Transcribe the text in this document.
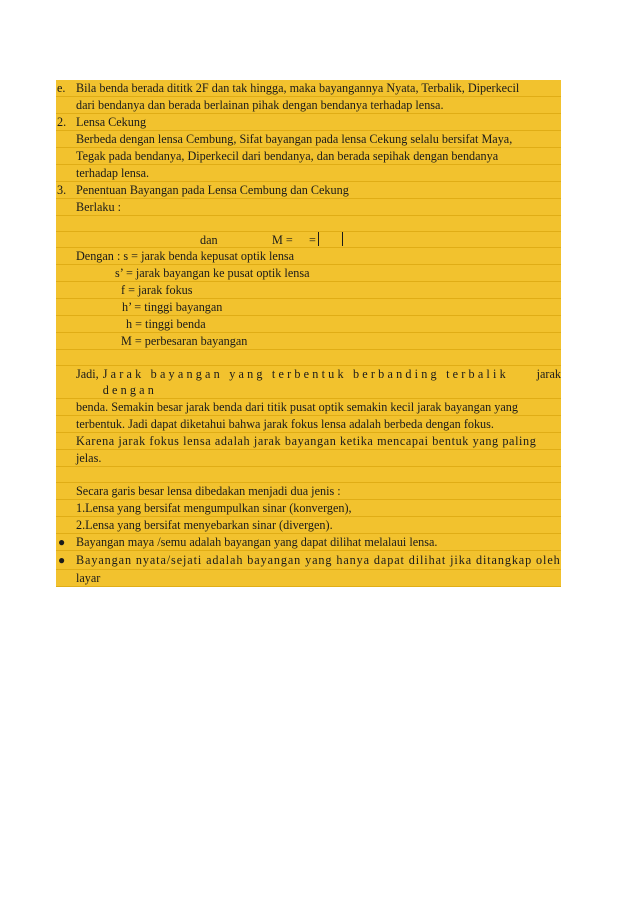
e. Bila benda berada dititk 2F dan tak hingga, maka bayangannya Nyata, Terbalik, Diperkecil
dari bendanya dan berada berlainan pihak dengan bendanya terhadap lensa.
2. Lensa Cekung
Berbeda dengan lensa Cembung, Sifat bayangan pada lensa Cekung selalu bersifat Maya,
Tegak pada bendanya, Diperkecil dari bendanya, dan berada sepihak dengan bendanya
terhadap lensa.
3. Penentuan Bayangan pada Lensa Cembung dan Cekung
Berlaku :
dan	M = =
Dengan : s = jarak benda kepusat optik lensa
s’ = jarak bayangan ke pusat optik lensa
f = jarak fokus
h’ = tinggi bayangan
h = tinggi benda
M = perbesaran bayangan
Jadi, Jarak bayangan yang terbentuk berbanding terbalik dengan
jarak
benda. Semakin besar jarak benda dari titik pusat optik semakin kecil jarak bayangan yang
terbentuk. Jadi dapat diketahui bahwa jarak fokus lensa adalah berbeda dengan fokus.
Karena jarak fokus lensa adalah jarak bayangan ketika mencapai bentuk yang paling
jelas.
Secara garis besar lensa dibedakan menjadi dua jenis :
1.Lensa yang bersifat mengumpulkan sinar (konvergen),
2.Lensa yang bersifat menyebarkan sinar (divergen).
● Bayangan maya /semu adalah bayangan yang dapat dilihat melalaui lensa.
● Bayangan nyata/sejati adalah bayangan yang hanya dapat dilihat jika ditangkap oleh
layar
